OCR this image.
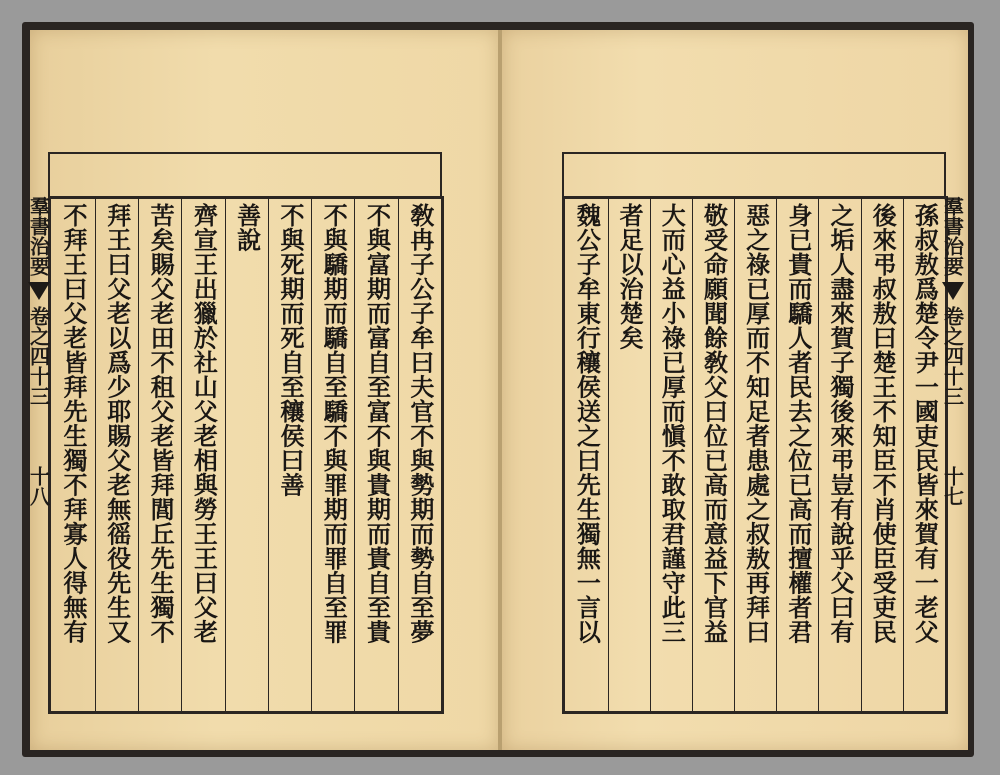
敎冉子公子牟曰夫官不與勢期而勢自至夢
不與富期而富自至富不與貴期而貴自至貴
不與驕期而驕自至驕不與罪期而罪自至罪
不與死期而死自至穰侯曰善
善說
齊宣王出獵於社山父老相與勞王王曰父老
苦矣賜父老田不租父老皆拜閭丘先生獨不
拜王曰父老以爲少耶賜父老無徭役先生又
不拜王曰父老皆拜先生獨不拜寡人得無有
羣書治要
卷之四十三
十八	孫叔敖爲楚令尹一國吏民皆來賀有一老父
後來弔叔敖曰楚王不知臣不肖使臣受吏民
之垢人盡來賀子獨後來弔豈有說乎父曰有
身已貴而驕人者民去之位已高而擅權者君
惡之祿已厚而不知足者患處之叔敖再拜曰
敬受命願聞餘敎父曰位已高而意益下官益
大而心益小祿已厚而愼不敢取君謹守此三
者足以治楚矣
魏公子牟東行穰侯送之曰先生獨無一言以	羣書治要
卷之四十三
十七
